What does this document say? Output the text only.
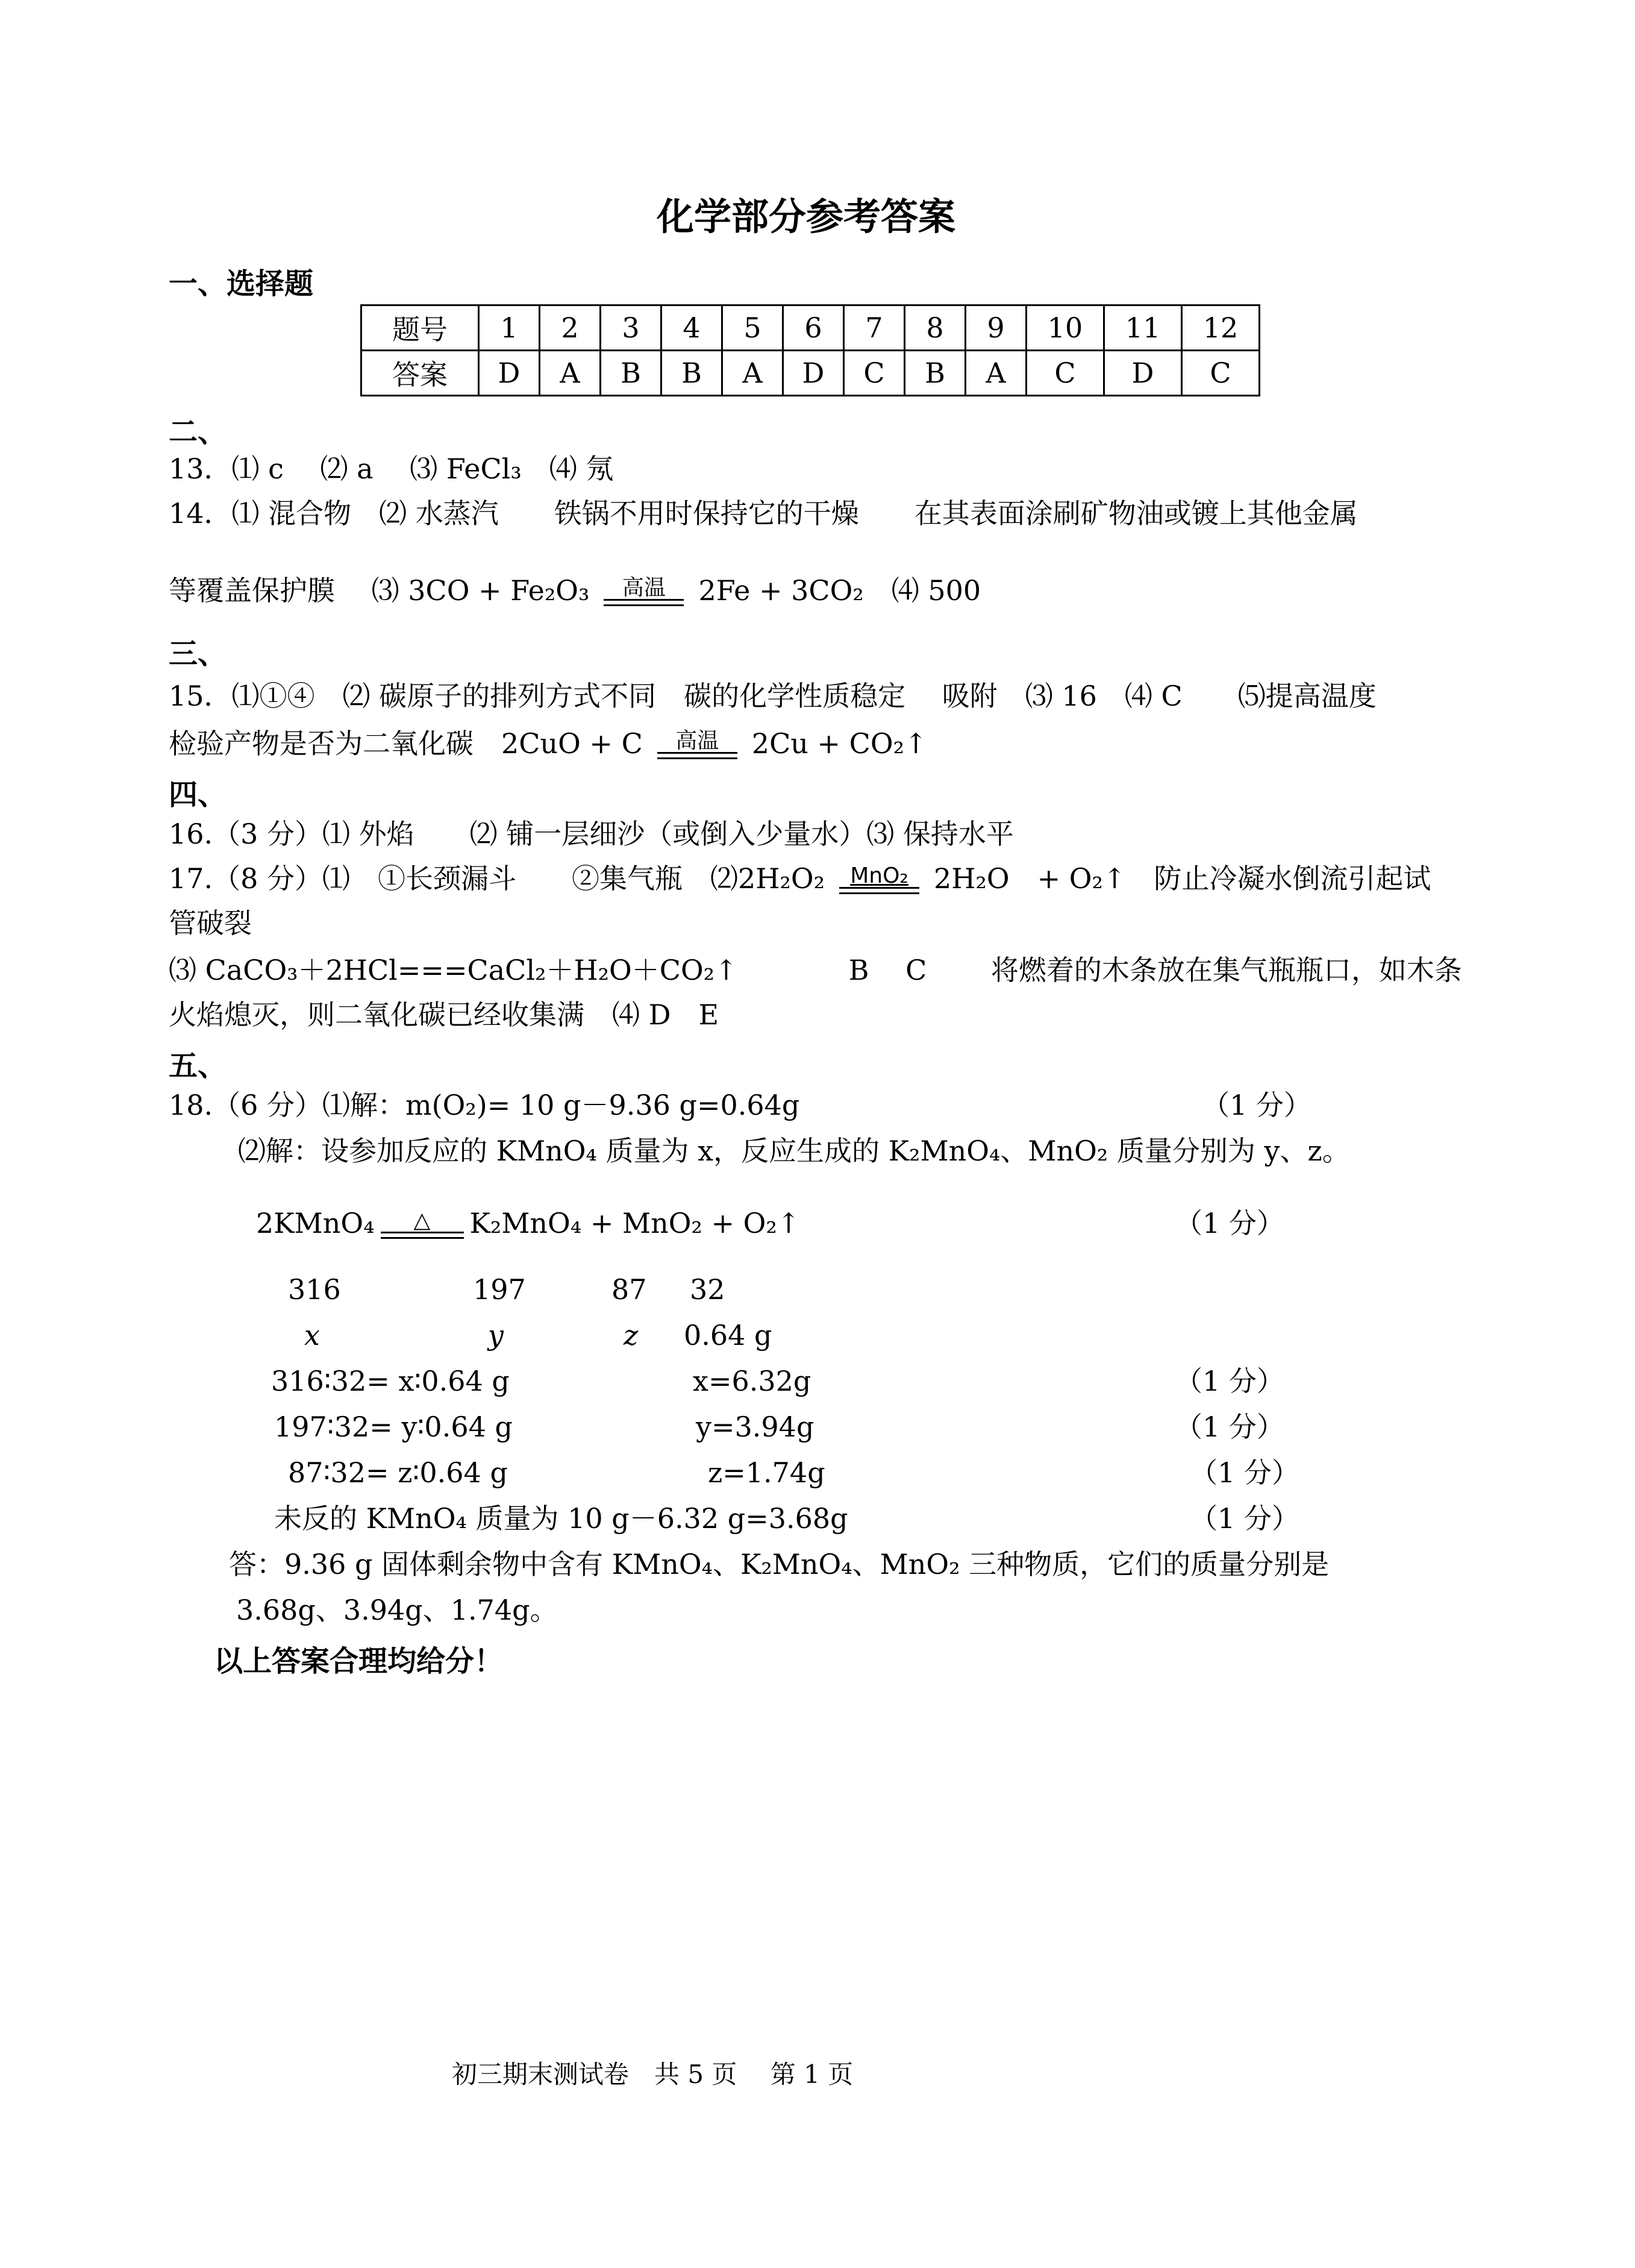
化学部分参考答案
一、选择题
题号	1	2	3	4	5	6	7	8	9	10	11	12
答案	D	A	B	B	A	D	C	B	A	C	D	C
二、
13．⑴ c　 ⑵ a　 ⑶ FeCl₃　⑷ 氖
14．⑴ 混合物　⑵ 水蒸汽　　铁锅不用时保持它的干燥　　在其表面涂刷矿物油或镀上其他金属
等覆盖保护膜　 ⑶ 3CO + Fe₂O₃	高温	2Fe + 3CO₂　⑷ 500
三、
15．⑴①④　⑵ 碳原子的排列方式不同　碳的化学性质稳定　 吸附　⑶ 16　⑷ C　　⑸提高温度
检验产物是否为二氧化碳　2CuO + C	高温	2Cu + CO₂↑
四、
16.（3 分）⑴ 外焰　　⑵ 铺一层细沙（或倒入少量水）⑶ 保持水平
17.（8 分）⑴　①长颈漏斗　　②集气瓶　⑵2H₂O₂	MnO₂ 2H₂O　+ O₂↑　防止冷凝水倒流引起试
管破裂
⑶ CaCO₃＋2HCl===CaCl₂＋H₂O＋CO₂↑　　　　B　 C　　 将燃着的木条放在集气瓶瓶口，如木条
火焰熄灭，则二氧化碳已经收集满　⑷ D　E
五、
18.（6 分）⑴解：m(O₂)= 10 g－9.36 g=0.64g	（1 分）
⑵解：设参加反应的 KMnO₄ 质量为 x，反应生成的 K₂MnO₄、MnO₂ 质量分别为 y、z。
2KMnO₄	△	K₂MnO₄ + MnO₂ + O₂↑	（1 分）
316	197	87 32
x	y	z 0.64 g
316∶32= x∶0.64 g	x=6.32g	（1 分）
197∶32= y∶0.64 g	y=3.94g	（1 分）
87∶32= z∶0.64 g	z=1.74g	（1 分）
未反的 KMnO₄ 质量为 10 g－6.32 g=3.68g	（1 分）
答：9.36 g 固体剩余物中含有 KMnO₄、K₂MnO₄、MnO₂ 三种物质，它们的质量分别是
3.68g、3.94g、1.74g。
以上答案合理均给分！
初三期末测试卷　共 5 页　 第 1 页
